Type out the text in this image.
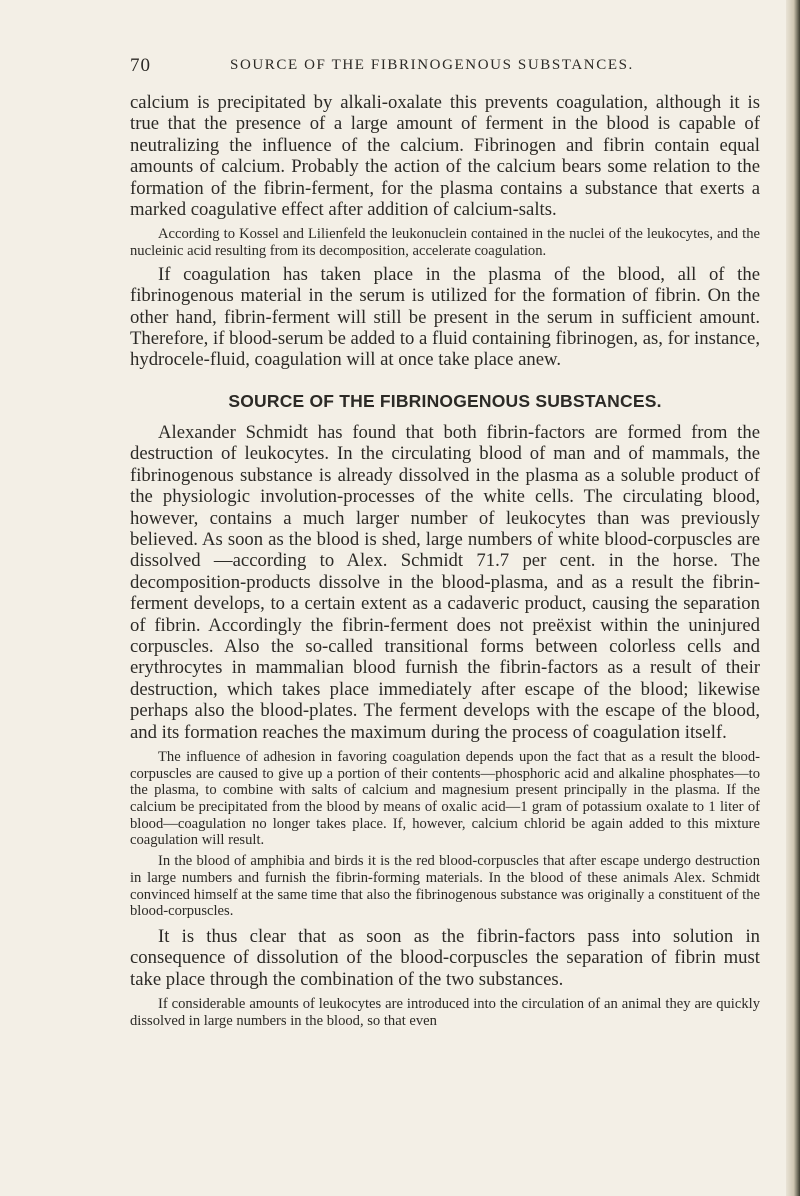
70	SOURCE OF THE FIBRINOGENOUS SUBSTANCES.

calcium is precipitated by alkali-oxalate this prevents coagulation, although it is true that the presence of a large amount of ferment in the blood is capable of neutralizing the influence of the calcium. Fibrinogen and fibrin contain equal amounts of calcium. Probably the action of the calcium bears some relation to the formation of the fibrin-ferment, for the plasma contains a substance that exerts a marked coagulative effect after addition of calcium-salts.

According to Kossel and Lilienfeld the leukonuclein contained in the nuclei of the leukocytes, and the nucleinic acid resulting from its decomposition, accelerate coagulation.

If coagulation has taken place in the plasma of the blood, all of the fibrinogenous material in the serum is utilized for the formation of fibrin. On the other hand, fibrin-ferment will still be present in the serum in sufficient amount. Therefore, if blood-serum be added to a fluid containing fibrinogen, as, for instance, hydrocele-fluid, coagulation will at once take place anew.

SOURCE OF THE FIBRINOGENOUS SUBSTANCES.

Alexander Schmidt has found that both fibrin-factors are formed from the destruction of leukocytes. In the circulating blood of man and of mammals, the fibrinogenous substance is already dissolved in the plasma as a soluble product of the physiologic involution-processes of the white cells. The circulating blood, however, contains a much larger number of leukocytes than was previously believed. As soon as the blood is shed, large numbers of white blood-corpuscles are dissolved —according to Alex. Schmidt 71.7 per cent. in the horse. The decomposition-products dissolve in the blood-plasma, and as a result the fibrin-ferment develops, to a certain extent as a cadaveric product, causing the separation of fibrin. Accordingly the fibrin-ferment does not preëxist within the uninjured corpuscles. Also the so-called transitional forms between colorless cells and erythrocytes in mammalian blood furnish the fibrin-factors as a result of their destruction, which takes place immediately after escape of the blood; likewise perhaps also the blood-plates. The ferment develops with the escape of the blood, and its formation reaches the maximum during the process of coagulation itself.

The influence of adhesion in favoring coagulation depends upon the fact that as a result the blood-corpuscles are caused to give up a portion of their contents—phosphoric acid and alkaline phosphates—to the plasma, to combine with salts of calcium and magnesium present principally in the plasma. If the calcium be precipitated from the blood by means of oxalic acid—1 gram of potassium oxalate to 1 liter of blood—coagulation no longer takes place. If, however, calcium chlorid be again added to this mixture coagulation will result.

In the blood of amphibia and birds it is the red blood-corpuscles that after escape undergo destruction in large numbers and furnish the fibrin-forming materials. In the blood of these animals Alex. Schmidt convinced himself at the same time that also the fibrinogenous substance was originally a constituent of the blood-corpuscles.

It is thus clear that as soon as the fibrin-factors pass into solution in consequence of dissolution of the blood-corpuscles the separation of fibrin must take place through the combination of the two substances.

If considerable amounts of leukocytes are introduced into the circulation of an animal they are quickly dissolved in large numbers in the blood, so that even
